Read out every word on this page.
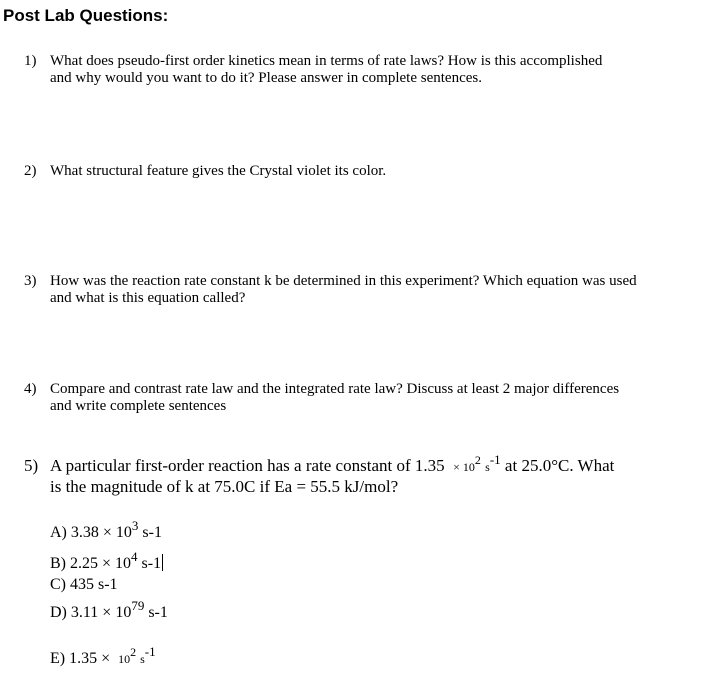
Post Lab Questions:
1) What does pseudo-first order kinetics mean in terms of rate laws? How is this accomplished
and why would you want to do it? Please answer in complete sentences.
2) What structural feature gives the Crystal violet its color.
3) How was the reaction rate constant k be determined in this experiment? Which equation was used
and what is this equation called?
4) Compare and contrast rate law and the integrated rate law? Discuss at least 2 major differences
and write complete sentences
5) A particular first-order reaction has a rate constant of $1.35 \times 10^2$ $s^{-1}$ at 25.0°C. What
is the magnitude of k at 75.0C if Ea = 55.5 kJ/mol?
A) $3.38 \times 10^3$ s-1
B) $2.25 \times 10^4$ s-1
C) 435 s-1
D) $3.11 \times 10^{79}$ s-1
E) $1.35 \times 10^2$ $s^{-1}$
